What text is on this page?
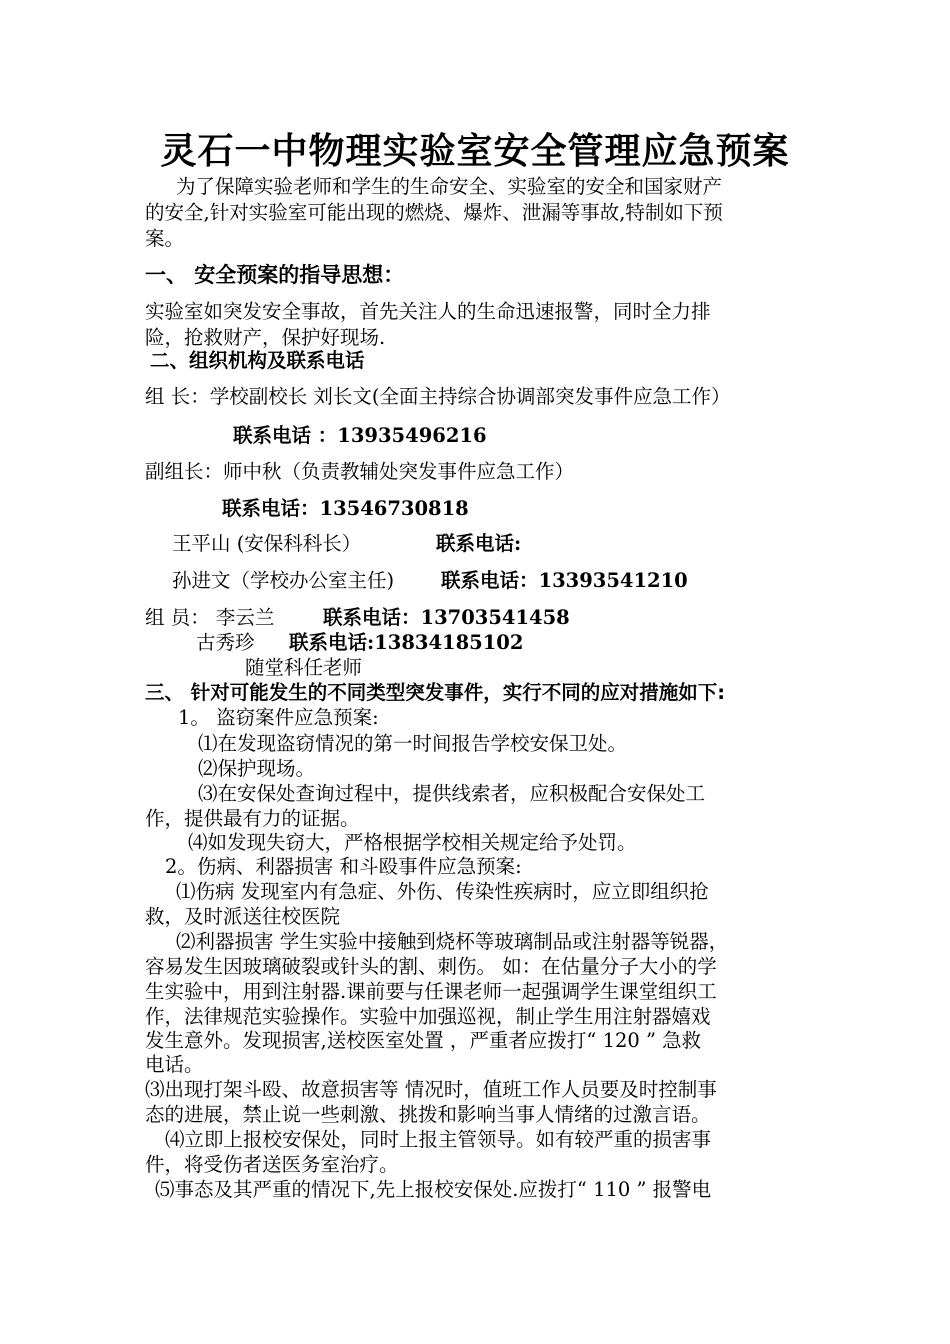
灵石一中物理实验室安全管理应急预案
为了保障实验老师和学生的生命安全、实验室的安全和国家财产
的安全,针对实验室可能出现的燃烧、爆炸、泄漏等事故,特制如下预
案。
一、 安全预案的指导思想：
实验室如突发安全事故，首先关注人的生命迅速报警，同时全力排
险，抢救财产，保护好现场.
二、组织机构及联系电话
组 长：学校副校长 刘长文(全面主持综合协调部突发事件应急工作）
联系电话 ：13935496216
副组长：师中秋（负责教辅处突发事件应急工作）
联系电话：13546730818
王平山 (安保科科长）	联系电话:
孙进文（学校办公室主任) 联系电话：13393541210
组 员： 李云兰 联系电话：13703541458
古秀珍 联系电话:13834185102
随堂科任老师
三、 针对可能发生的不同类型突发事件，实行不同的应对措施如下:
1。 盗窃案件应急预案:
⑴在发现盗窃情况的第一时间报告学校安保卫处。
⑵保护现场。
⑶在安保处查询过程中，提供线索者，应积极配合安保处工
作，提供最有力的证据。
⑷如发现失窃大，严格根据学校相关规定给予处罚。
2。伤病、利器损害 和斗殴事件应急预案:
⑴伤病 发现室内有急症、外伤、传染性疾病时，应立即组织抢
救，及时派送往校医院
⑵利器损害 学生实验中接触到烧杯等玻璃制品或注射器等锐器，
容易发生因玻璃破裂或针头的割、刺伤。 如：在估量分子大小的学
生实验中，用到注射器.课前要与任课老师一起强调学生课堂组织工
作，法律规范实验操作。实验中加强巡视，制止学生用注射器嬉戏
发生意外。发现损害,送校医室处置 ，严重者应拨打“ 120 ” 急救
电话。
⑶出现打架斗殴、故意损害等 情况时，值班工作人员要及时控制事
态的进展，禁止说一些刺激、挑拨和影响当事人情绪的过激言语。
⑷立即上报校安保处，同时上报主管领导。如有较严重的损害事
件，将受伤者送医务室治疗。
⑸事态及其严重的情况下,先上报校安保处.应拨打“ 110 ” 报警电
